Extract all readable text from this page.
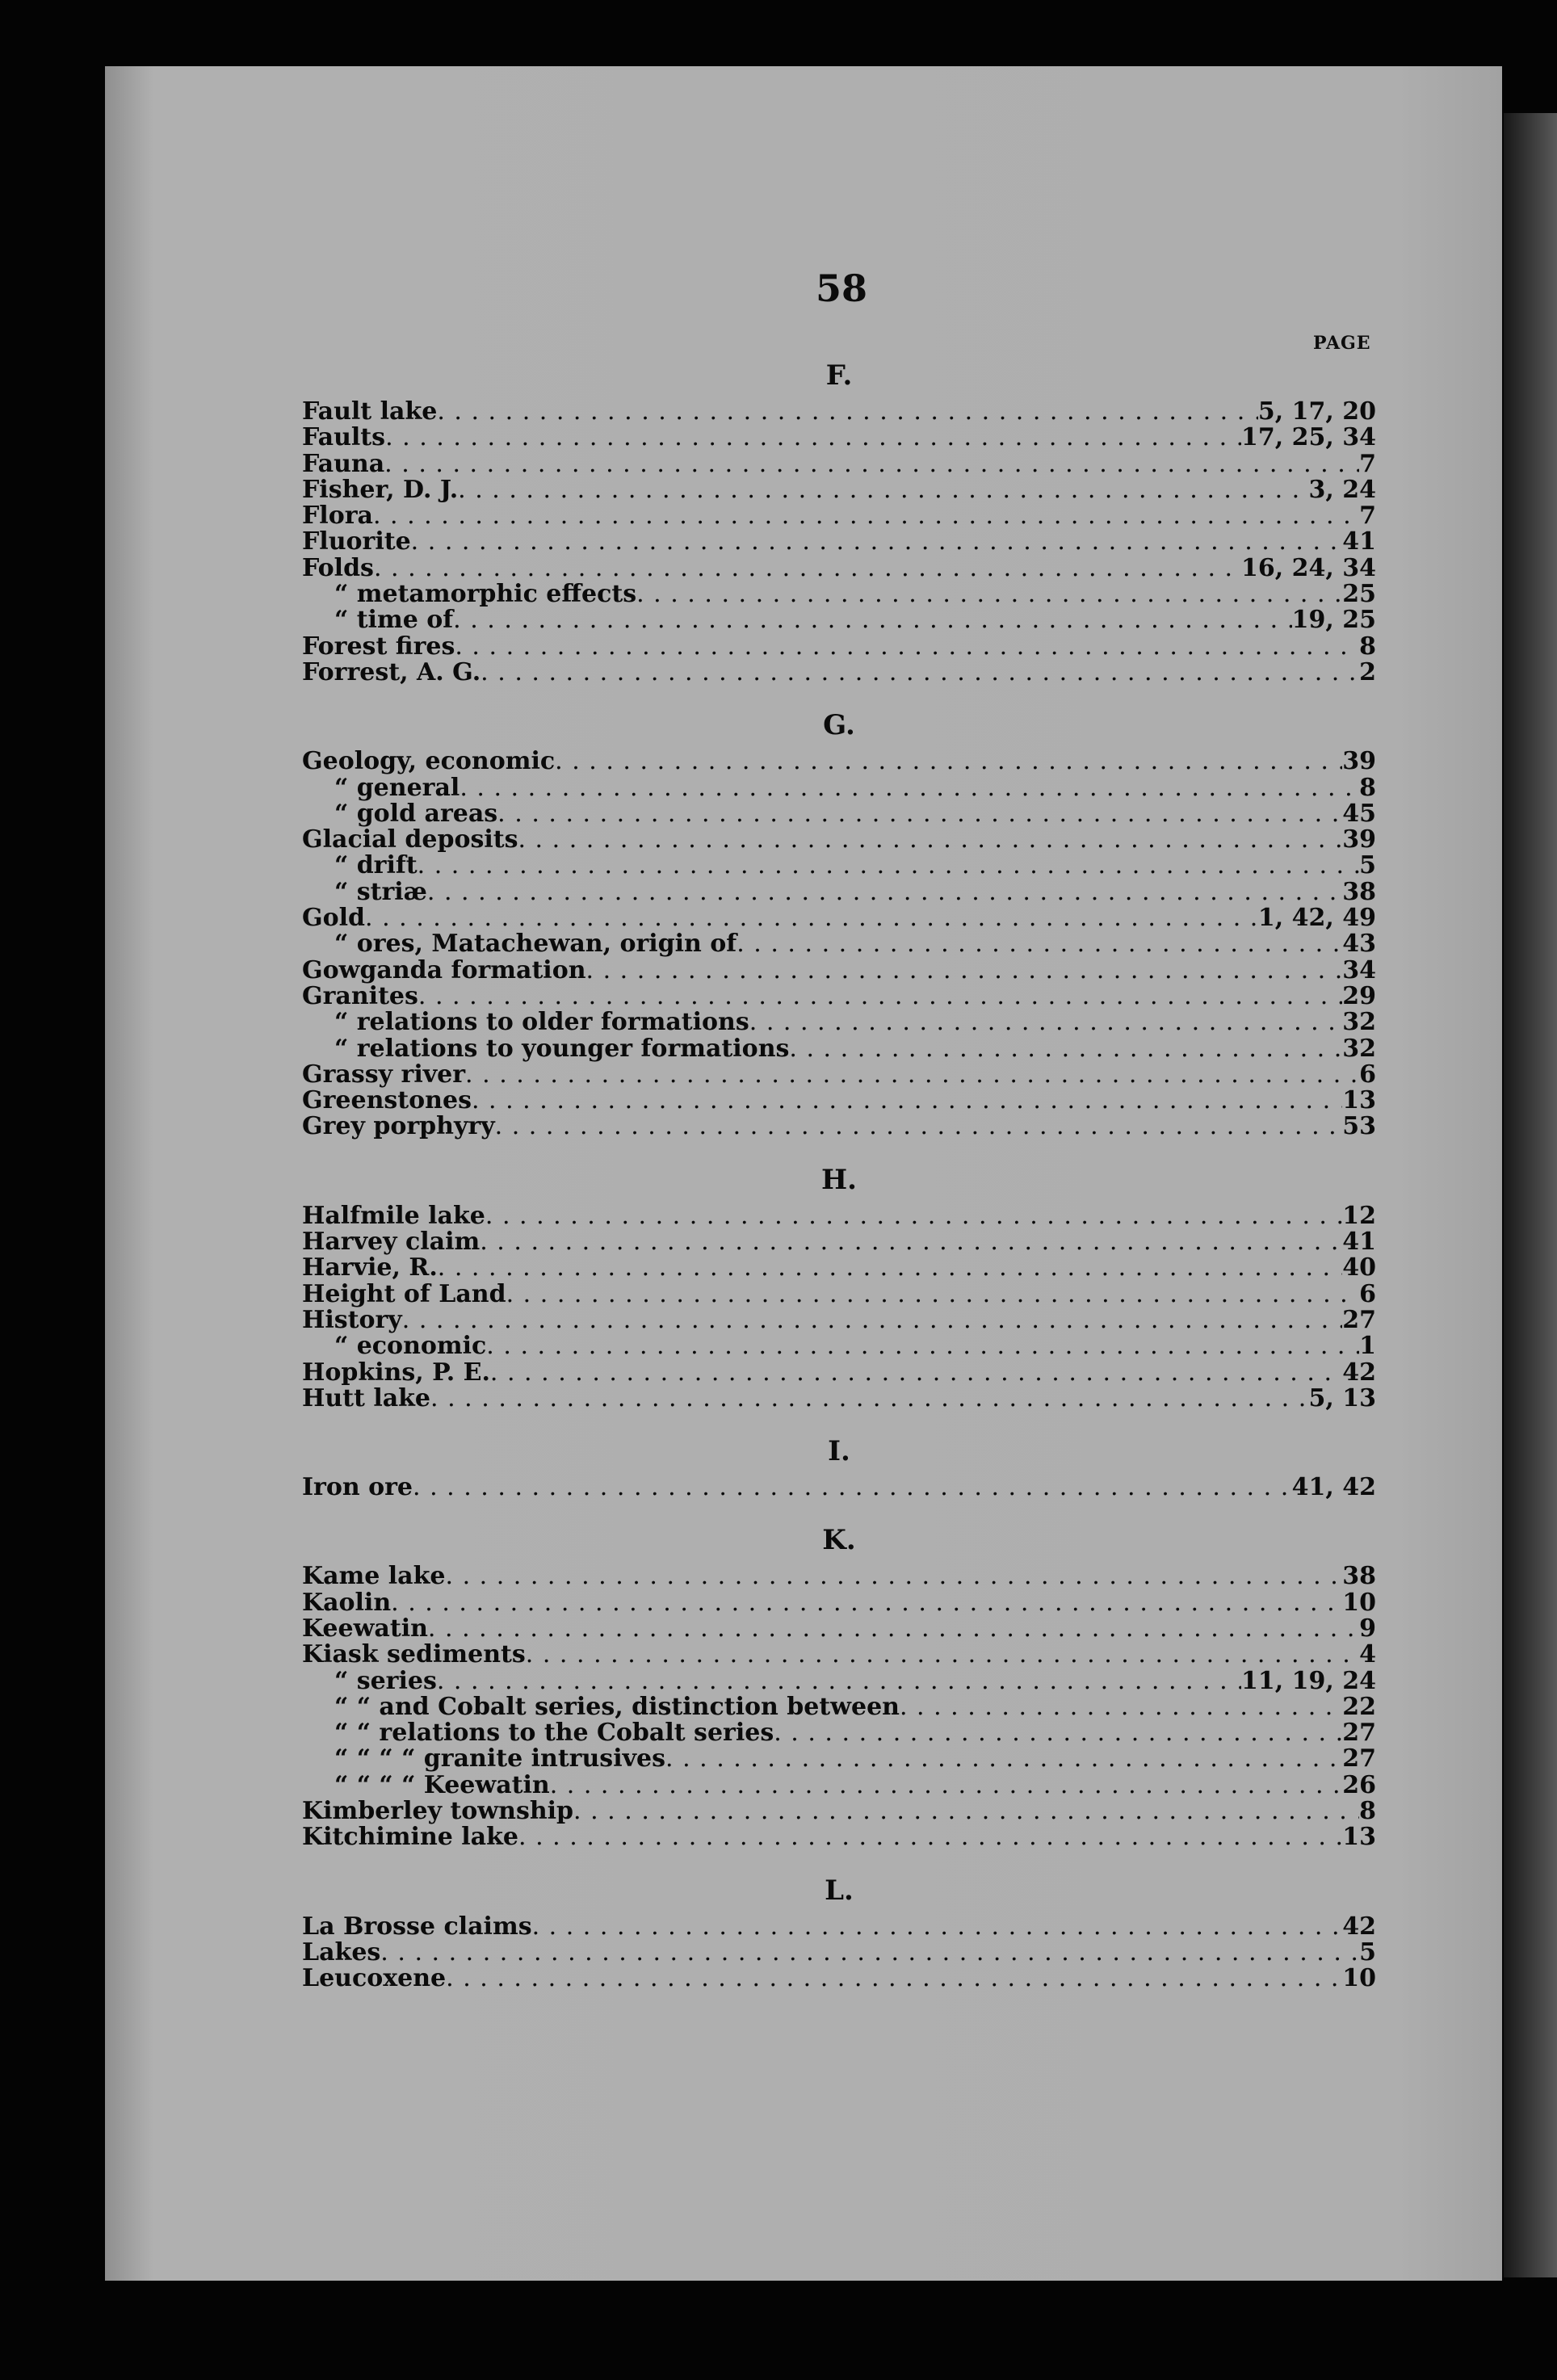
58
PAGE
F.
Fault lake . . .	5, 17, 20
Faults . . .	17, 25, 34
Fauna . . .	7
Fisher, D. J. . . .	3, 24
Flora . . .	7
Fluorite . . .	41
Folds . . .	16, 24, 34
“ metamorphic effects . . .	25
“ time of . . .	19, 25
Forest fires . . .	8
Forrest, A. G. . . .	2
G.
Geology, economic . . .	39
“ general . . .	8
“ gold areas . . .	45
Glacial deposits . . .	39
“ drift . . .	5
“ striæ . . .	38
Gold . . .	1, 42, 49
“ ores, Matachewan, origin of . . .	43
Gowganda formation . . .	34
Granites . . .	29
“ relations to older formations . . .	32
“ relations to younger formations . . .	32
Grassy river . . .	6
Greenstones . . .	13
Grey porphyry . . .	53
H.
Halfmile lake . . .	12
Harvey claim . . .	41
Harvie, R. . . .	40
Height of Land . . .	6
History . . .	27
“ economic . . .	1
Hopkins, P. E. . . .	42
Hutt lake . . .	5, 13
I.
Iron ore . . .	41, 42
K.
Kame lake . . .	38
Kaolin . . .	10
Keewatin . . .	9
Kiask sediments . . .	4
“ series . . .	11, 19, 24
“ “ and Cobalt series, distinction between . . .	22
“ “ relations to the Cobalt series . . .	27
“ “ “ “ granite intrusives . . .	27
“ “ “ “ Keewatin . . .	26
Kimberley township . . .	8
Kitchimine lake . . .	13
L.
La Brosse claims . . .	42
Lakes . . .	5
Leucoxene . . .	10
